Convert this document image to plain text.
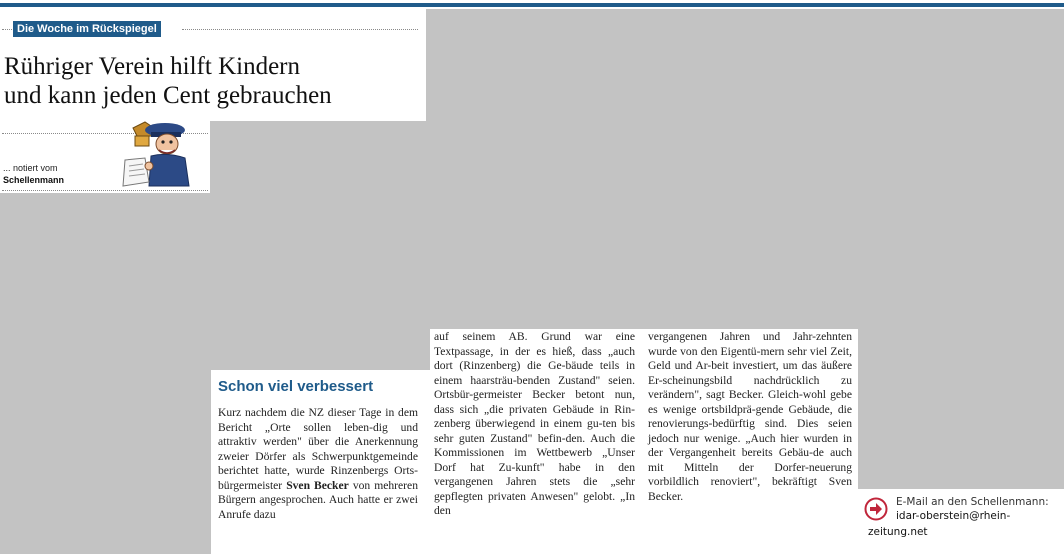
Die Woche im Rückspiegel
Rühriger Verein hilft Kindern
und kann jeden Cent gebrauchen
... notiert vom
Schellenmann
Schon viel verbessert
Kurz nachdem die NZ dieser Tage in dem Bericht „Orte sollen leben-dig und attraktiv werden" über die Anerkennung zweier Dörfer als Schwerpunktgemeinde berichtet hatte, wurde Rinzenbergs Orts-bürgermeister Sven Becker von mehreren Bürgern angesprochen. Auch hatte er zwei Anrufe dazu
auf seinem AB. Grund war eine Textpassage, in der es hieß, dass „auch dort (Rinzenberg) die Ge-bäude teils in einem haarsträu-benden Zustand" seien. Ortsbür-germeister Becker betont nun, dass sich „die privaten Gebäude in Rin-zenberg überwiegend in einem gu-ten bis sehr guten Zustand" befin-den. Auch die Kommissionen im Wettbewerb „Unser Dorf hat Zu-kunft" habe in den vergangenen Jahren stets die „sehr gepflegten privaten Anwesen" gelobt. „In den
vergangenen Jahren und Jahr-zehnten wurde von den Eigentü-mern sehr viel Zeit, Geld und Ar-beit investiert, um das äußere Er-scheinungsbild nachdrücklich zu verändern", sagt Becker. Gleich-wohl gebe es wenige ortsbildprä-gende Gebäude, die renovierungs-bedürftig sind. Dies seien jedoch nur wenige. „Auch hier wurden in der Vergangenheit bereits Gebäu-de auch mit Mitteln der Dorfer-neuerung vorbildlich renoviert", bekräftigt Sven Becker.	E-Mail an den Schellenmann:
idar-oberstein@rhein-
zeitung.net
